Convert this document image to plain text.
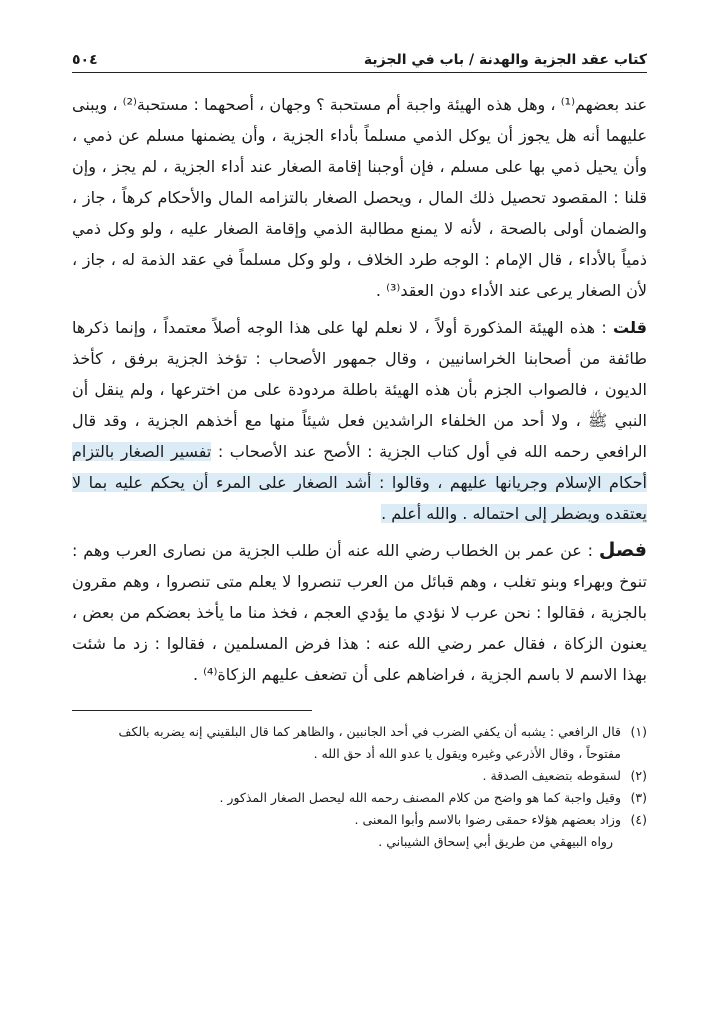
كتاب عقد الجزية والهدنة / باب في الجزية
٥٠٤

عند بعضهم⁽¹⁾ ، وهل هذه الهيئة واجبة أم مستحبة ؟ وجهان ، أصحهما : مستحبة⁽²⁾ ، ويبنى عليهما أنه هل يجوز أن يوكل الذمي مسلماً بأداء الجزية ، وأن يضمنها مسلم عن ذمي ، وأن يحيل ذمي بها على مسلم ، فإن أوجبنا إقامة الصغار عند أداء الجزية ، لم يجز ، وإن قلنا : المقصود تحصيل ذلك المال ، ويحصل الصغار بالتزامه المال والأحكام كرهاً ، جاز ، والضمان أولى بالصحة ، لأنه لا يمنع مطالبة الذمي وإقامة الصغار عليه ، ولو وكل ذمي ذمياً بالأداء ، قال الإمام : الوجه طرد الخلاف ، ولو وكل مسلماً في عقد الذمة له ، جاز ، لأن الصغار يرعى عند الأداء دون العقد⁽³⁾ .

قلت : هذه الهيئة المذكورة أولاً ، لا نعلم لها على هذا الوجه أصلاً معتمداً ، وإنما ذكرها طائفة من أصحابنا الخراسانيين ، وقال جمهور الأصحاب : تؤخذ الجزية برفق ، كأخذ الديون ، فالصواب الجزم بأن هذه الهيئة باطلة مردودة على من اخترعها ، ولم ينقل أن النبي ﷺ ، ولا أحد من الخلفاء الراشدين فعل شيئاً منها مع أخذهم الجزية ، وقد قال الرافعي رحمه الله في أول كتاب الجزية : الأصح عند الأصحاب : تفسير الصغار بالتزام أحكام الإسلام وجريانها عليهم ، وقالوا : أشد الصغار على المرء أن يحكم عليه بما لا يعتقده ويضطر إلى احتماله . والله أعلم .

فصل : عن عمر بن الخطاب رضي الله عنه أن طلب الجزية من نصارى العرب وهم : تنوخ وبهراء وبنو تغلب ، وهم قبائل من العرب تنصروا لا يعلم متى تنصروا ، وهم مقرون بالجزية ، فقالوا : نحن عرب لا نؤدي ما يؤدي العجم ، فخذ منا ما يأخذ بعضكم من بعض ، يعنون الزكاة ، فقال عمر رضي الله عنه : هذا فرض المسلمين ، فقالوا : زد ما شئت بهذا الاسم لا باسم الجزية ، فراضاهم على أن تضعف عليهم الزكاة⁽⁴⁾ .

(١)
قال الرافعي : يشبه أن يكفي الضرب في أحد الجانبين ، والظاهر كما قال البلقيني إنه يضربه بالكف
مفتوحاً ، وقال الأذرعي وغيره ويقول يا عدو الله أد حق الله .
(٢)
لسقوطه بتضعيف الصدقة .
(٣)
وقيل واجبة كما هو واضح من كلام المصنف رحمه الله ليحصل الصغار المذكور .
(٤)
وزاد بعضهم هؤلاء حمقى رضوا بالاسم وأبوا المعنى .
رواه البيهقي من طريق أبي إسحاق الشيباني .
